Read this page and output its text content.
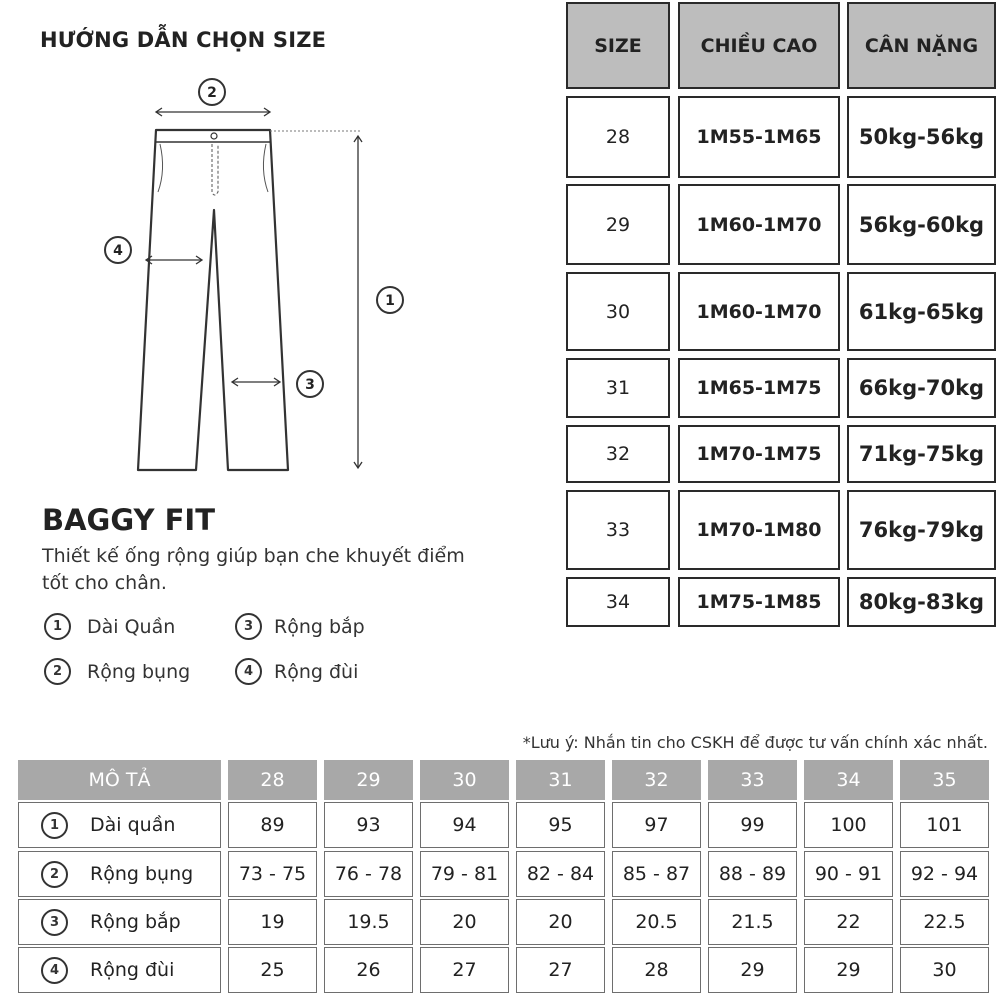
HƯỚNG DẪN CHỌN SIZE
2
1
4
3
SIZE	CHIỀU CAO	CÂN NẶNG
28	1M55-1M65	50kg-56kg
29	1M60-1M70	56kg-60kg
30	1M60-1M70	61kg-65kg
31	1M65-1M75	66kg-70kg
32	1M70-1M75	71kg-75kg
33	1M70-1M80	76kg-79kg
34	1M75-1M85	80kg-83kg
BAGGY FIT

Thiết kế ống rộng giúp bạn che khuyết điểm tốt cho chân.

1	Dài Quần
2	Rộng bụng
3	Rộng bắp
4	Rộng đùi

*Lưu ý: Nhắn tin cho CSKH để được tư vấn chính xác nhất.

MÔ TẢ	28	29	30	31	32	33	34	35
1	Dài quần	89	93	94	95	97	99	100	101
2	Rộng bụng	73 - 75	76 - 78	79 - 81	82 - 84	85 - 87	88 - 89	90 - 91	92 - 94
3	Rộng bắp	19	19.5	20	20	20.5	21.5	22	22.5
4	Rộng đùi	25	26	27	27	28	29	29	30
